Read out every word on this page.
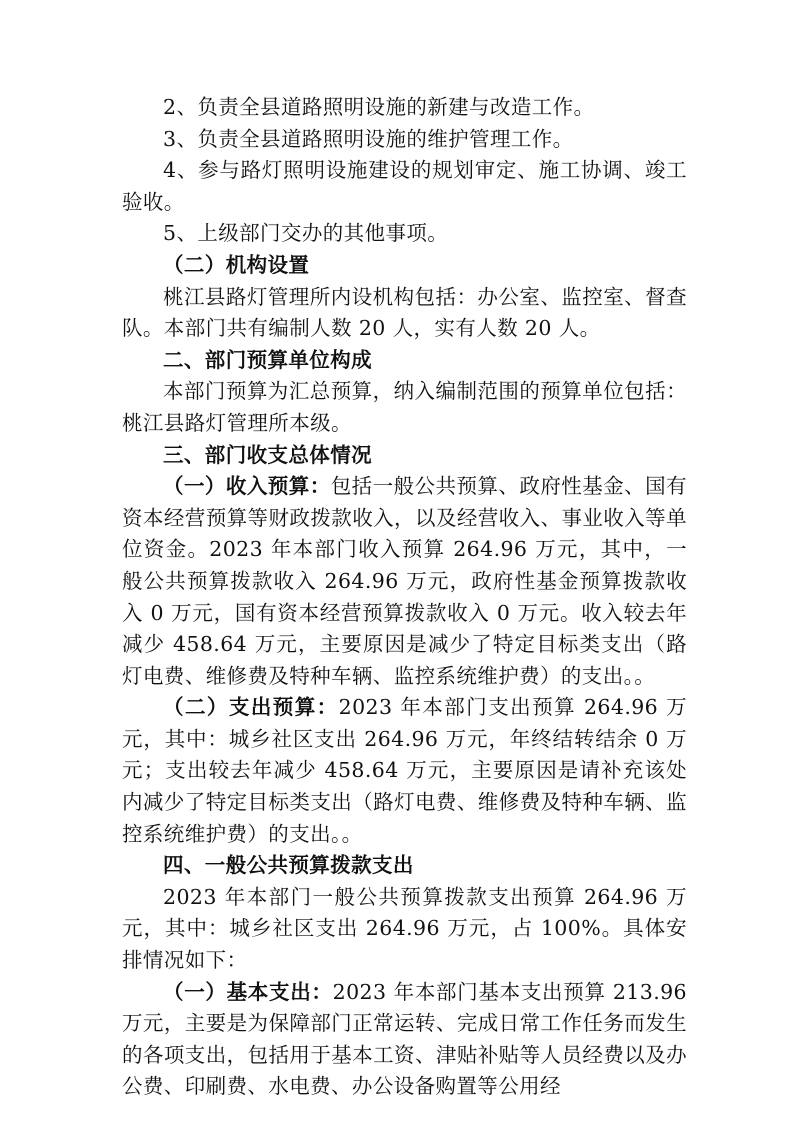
2、负责全县道路照明设施的新建与改造工作。

3、负责全县道路照明设施的维护管理工作。

4、参与路灯照明设施建设的规划审定、施工协调、竣工验收。

5、上级部门交办的其他事项。

（二）机构设置

桃江县路灯管理所内设机构包括：办公室、监控室、督查队。本部门共有编制人数 20 人，实有人数 20 人。

二、部门预算单位构成

本部门预算为汇总预算，纳入编制范围的预算单位包括：桃江县路灯管理所本级。

三、部门收支总体情况

（一）收入预算：包括一般公共预算、政府性基金、国有资本经营预算等财政拨款收入，以及经营收入、事业收入等单位资金。2023 年本部门收入预算 264.96 万元，其中，一般公共预算拨款收入 264.96 万元，政府性基金预算拨款收入 0 万元，国有资本经营预算拨款收入 0 万元。收入较去年减少 458.64 万元，主要原因是减少了特定目标类支出（路灯电费、维修费及特种车辆、监控系统维护费）的支出。。

（二）支出预算：2023 年本部门支出预算 264.96 万元，其中：城乡社区支出 264.96 万元，年终结转结余 0 万元；支出较去年减少 458.64 万元，主要原因是请补充该处内减少了特定目标类支出（路灯电费、维修费及特种车辆、监控系统维护费）的支出。。

四、一般公共预算拨款支出

2023 年本部门一般公共预算拨款支出预算 264.96 万元，其中：城乡社区支出 264.96 万元，占 100%。具体安排情况如下：

（一）基本支出：2023 年本部门基本支出预算 213.96 万元，主要是为保障部门正常运转、完成日常工作任务而发生的各项支出，包括用于基本工资、津贴补贴等人员经费以及办公费、印刷费、水电费、办公设备购置等公用经
